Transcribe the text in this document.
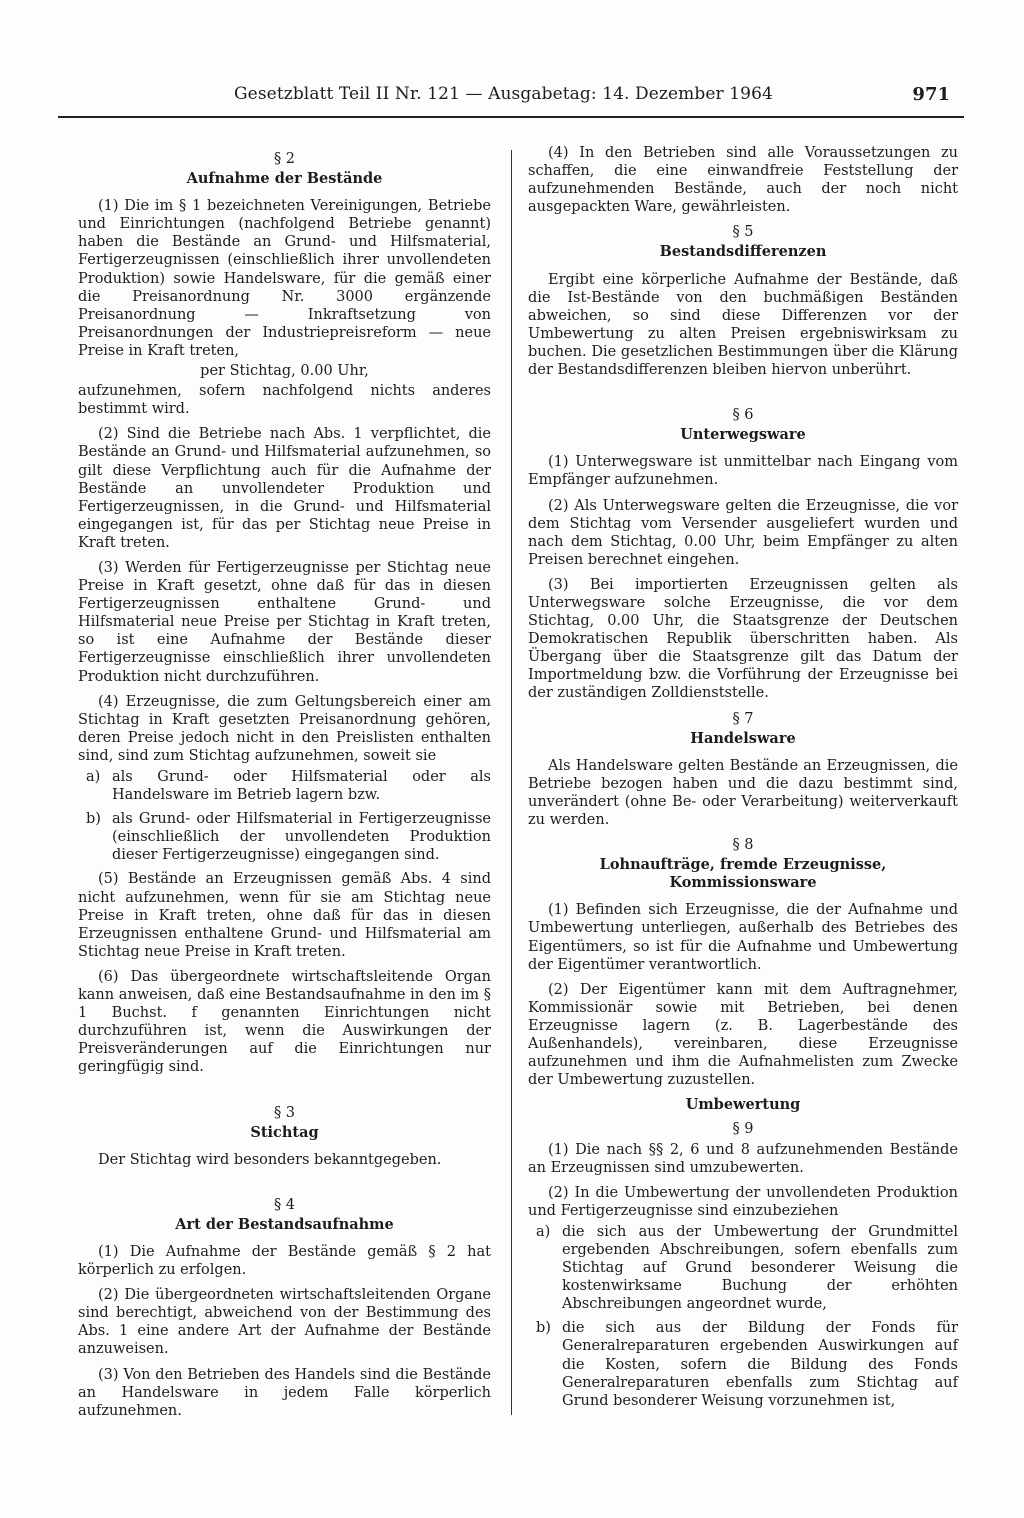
Gesetzblatt Teil II Nr. 121 — Ausgabetag: 14. Dezember 1964	971
§ 2
Aufnahme der Bestände

(1) Die im § 1 bezeichneten Vereinigungen, Betriebe und Einrichtungen (nachfolgend Betriebe genannt) haben die Bestände an Grund- und Hilfsmaterial, Fertigerzeugnissen (einschließlich ihrer unvollendeten Produktion) sowie Handelsware, für die gemäß einer die Preisanordnung Nr. 3000 ergänzende Preisanordnung — Inkraftsetzung von Preisanordnungen der Industriepreisreform — neue Preise in Kraft treten,

per Stichtag, 0.00 Uhr,

aufzunehmen, sofern nachfolgend nichts anderes bestimmt wird.

(2) Sind die Betriebe nach Abs. 1 verpflichtet, die Bestände an Grund- und Hilfsmaterial aufzunehmen, so gilt diese Verpflichtung auch für die Aufnahme der Bestände an unvollendeter Produktion und Fertigerzeugnissen, in die Grund- und Hilfsmaterial eingegangen ist, für das per Stichtag neue Preise in Kraft treten.

(3) Werden für Fertigerzeugnisse per Stichtag neue Preise in Kraft gesetzt, ohne daß für das in diesen Fertigerzeugnissen enthaltene Grund- und Hilfsmaterial neue Preise per Stichtag in Kraft treten, so ist eine Aufnahme der Bestände dieser Fertigerzeugnisse einschließlich ihrer unvollendeten Produktion nicht durchzuführen.

(4) Erzeugnisse, die zum Geltungsbereich einer am Stichtag in Kraft gesetzten Preisanordnung gehören, deren Preise jedoch nicht in den Preislisten enthalten sind, sind zum Stichtag aufzunehmen, soweit sie

a) als Grund- oder Hilfsmaterial oder als Handelsware im Betrieb lagern bzw.
b) als Grund- oder Hilfsmaterial in Fertigerzeugnisse (einschließlich der unvollendeten Produktion dieser Fertigerzeugnisse) eingegangen sind.

(5) Bestände an Erzeugnissen gemäß Abs. 4 sind nicht aufzunehmen, wenn für sie am Stichtag neue Preise in Kraft treten, ohne daß für das in diesen Erzeugnissen enthaltene Grund- und Hilfsmaterial am Stichtag neue Preise in Kraft treten.

(6) Das übergeordnete wirtschaftsleitende Organ kann anweisen, daß eine Bestandsaufnahme in den im § 1 Buchst. f genannten Einrichtungen nicht durchzuführen ist, wenn die Auswirkungen der Preisveränderungen auf die Einrichtungen nur geringfügig sind.

§ 3
Stichtag

Der Stichtag wird besonders bekanntgegeben.

§ 4
Art der Bestandsaufnahme

(1) Die Aufnahme der Bestände gemäß § 2 hat körperlich zu erfolgen.

(2) Die übergeordneten wirtschaftsleitenden Organe sind berechtigt, abweichend von der Bestimmung des Abs. 1 eine andere Art der Aufnahme der Bestände anzuweisen.

(3) Von den Betrieben des Handels sind die Bestände an Handelsware in jedem Falle körperlich aufzunehmen.

(4) In den Betrieben sind alle Voraussetzungen zu schaffen, die eine einwandfreie Feststellung der aufzunehmenden Bestände, auch der noch nicht ausgepackten Ware, gewährleisten.

§ 5
Bestandsdifferenzen

Ergibt eine körperliche Aufnahme der Bestände, daß die Ist-Bestände von den buchmäßigen Beständen abweichen, so sind diese Differenzen vor der Umbewertung zu alten Preisen ergebniswirksam zu buchen. Die gesetzlichen Bestimmungen über die Klärung der Bestandsdifferenzen bleiben hiervon unberührt.

§ 6
Unterwegsware

(1) Unterwegsware ist unmittelbar nach Eingang vom Empfänger aufzunehmen.

(2) Als Unterwegsware gelten die Erzeugnisse, die vor dem Stichtag vom Versender ausgeliefert wurden und nach dem Stichtag, 0.00 Uhr, beim Empfänger zu alten Preisen berechnet eingehen.

(3) Bei importierten Erzeugnissen gelten als Unterwegsware solche Erzeugnisse, die vor dem Stichtag, 0.00 Uhr, die Staatsgrenze der Deutschen Demokratischen Republik überschritten haben. Als Übergang über die Staatsgrenze gilt das Datum der Importmeldung bzw. die Vorführung der Erzeugnisse bei der zuständigen Zolldienststelle.

§ 7
Handelsware

Als Handelsware gelten Bestände an Erzeugnissen, die Betriebe bezogen haben und die dazu bestimmt sind, unverändert (ohne Be- oder Verarbeitung) weiterverkauft zu werden.

§ 8
Lohnaufträge, fremde Erzeugnisse, Kommissionsware

(1) Befinden sich Erzeugnisse, die der Aufnahme und Umbewertung unterliegen, außerhalb des Betriebes des Eigentümers, so ist für die Aufnahme und Umbewertung der Eigentümer verantwortlich.

(2) Der Eigentümer kann mit dem Auftragnehmer, Kommissionär sowie mit Betrieben, bei denen Erzeugnisse lagern (z. B. Lagerbestände des Außenhandels), vereinbaren, diese Erzeugnisse aufzunehmen und ihm die Aufnahmelisten zum Zwecke der Umbewertung zuzustellen.

Umbewertung
§ 9

(1) Die nach §§ 2, 6 und 8 aufzunehmenden Bestände an Erzeugnissen sind umzubewerten.

(2) In die Umbewertung der unvollendeten Produktion und Fertigerzeugnisse sind einzubeziehen

a) die sich aus der Umbewertung der Grundmittel ergebenden Abschreibungen, sofern ebenfalls zum Stichtag auf Grund besonderer Weisung die kostenwirksame Buchung der erhöhten Abschreibungen angeordnet wurde,
b) die sich aus der Bildung der Fonds für Generalreparaturen ergebenden Auswirkungen auf die Kosten, sofern die Bildung des Fonds Generalreparaturen ebenfalls zum Stichtag auf Grund besonderer Weisung vorzunehmen ist,
